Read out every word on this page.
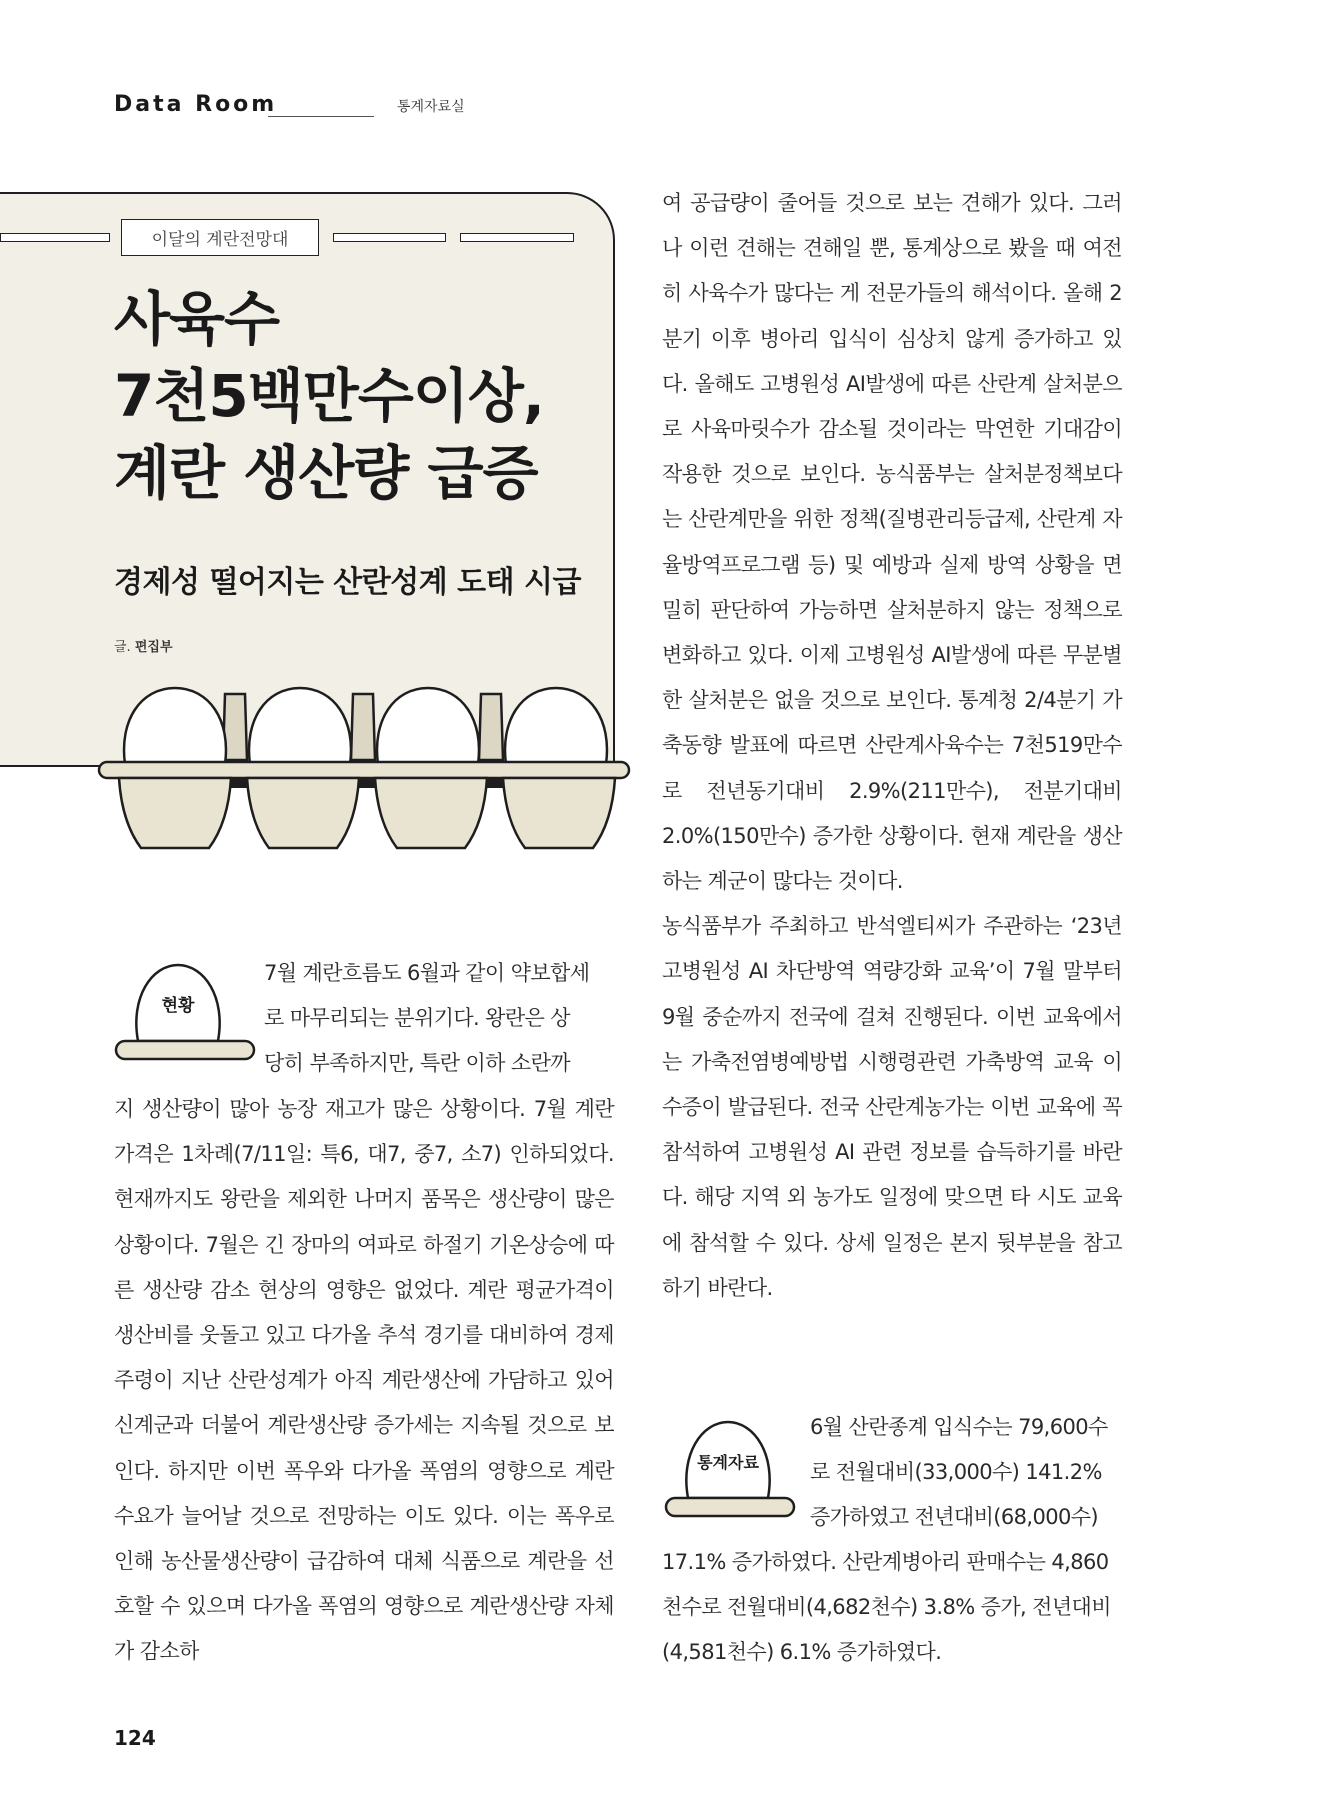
Data Room	통계자료실
이달의 계란전망대
사육수
7천5백만수이상,
계란 생산량 급증
경제성 떨어지는 산란성계 도태 시급
글. 편집부
현황

7월 계란흐름도 6월과 같이 약보합세
로 마무리되는 분위기다. 왕란은 상
당히 부족하지만, 특란 이하 소란까

지 생산량이 많아 농장 재고가 많은 상황이다. 7월 계란가격은 1차례(7/11일: 특6, 대7, 중7, 소7) 인하되었다. 현재까지도 왕란을 제외한 나머지 품목은 생산량이 많은 상황이다. 7월은 긴 장마의 여파로 하절기 기온상승에 따른 생산량 감소 현상의 영향은 없었다. 계란 평균가격이 생산비를 웃돌고 있고 다가올 추석 경기를 대비하여 경제주령이 지난 산란성계가 아직 계란생산에 가담하고 있어 신계군과 더불어 계란생산량 증가세는 지속될 것으로 보인다. 하지만 이번 폭우와 다가올 폭염의 영향으로 계란 수요가 늘어날 것으로 전망하는 이도 있다. 이는 폭우로 인해 농산물생산량이 급감하여 대체 식품으로 계란을 선호할 수 있으며 다가올 폭염의 영향으로 계란생산량 자체가 감소하

여 공급량이 줄어들 것으로 보는 견해가 있다. 그러나 이런 견해는 견해일 뿐, 통계상으로 봤을 때 여전히 사육수가 많다는 게 전문가들의 해석이다. 올해 2분기 이후 병아리 입식이 심상치 않게 증가하고 있다. 올해도 고병원성 AI발생에 따른 산란계 살처분으로 사육마릿수가 감소될 것이라는 막연한 기대감이 작용한 것으로 보인다. 농식품부는 살처분정책보다는 산란계만을 위한 정책(질병관리등급제, 산란계 자율방역프로그램 등) 및 예방과 실제 방역 상황을 면밀히 판단하여 가능하면 살처분하지 않는 정책으로 변화하고 있다. 이제 고병원성 AI발생에 따른 무분별한 살처분은 없을 것으로 보인다. 통계청 2/4분기 가축동향 발표에 따르면 산란계사육수는 7천519만수로 전년동기대비 2.9%(211만수), 전분기대비 2.0%(150만수) 증가한 상황이다. 현재 계란을 생산하는 계군이 많다는 것이다.
농식품부가 주최하고 반석엘티씨가 주관하는 ‘23년 고병원성 AI 차단방역 역량강화 교육’이 7월 말부터 9월 중순까지 전국에 걸쳐 진행된다. 이번 교육에서는 가축전염병예방법 시행령관련 가축방역 교육 이수증이 발급된다. 전국 산란계농가는 이번 교육에 꼭 참석하여 고병원성 AI 관련 정보를 습득하기를 바란다. 해당 지역 외 농가도 일정에 맞으면 타 시도 교육에 참석할 수 있다. 상세 일정은 본지 뒷부분을 참고하기 바란다.

통계자료

6월 산란종계 입식수는 79,600수
로 전월대비(33,000수) 141.2%
증가하였고 전년대비(68,000수)

17.1% 증가하였다. 산란계병아리 판매수는 4,860천수로 전월대비(4,682천수) 3.8% 증가, 전년대비(4,581천수) 6.1% 증가하였다.

124
